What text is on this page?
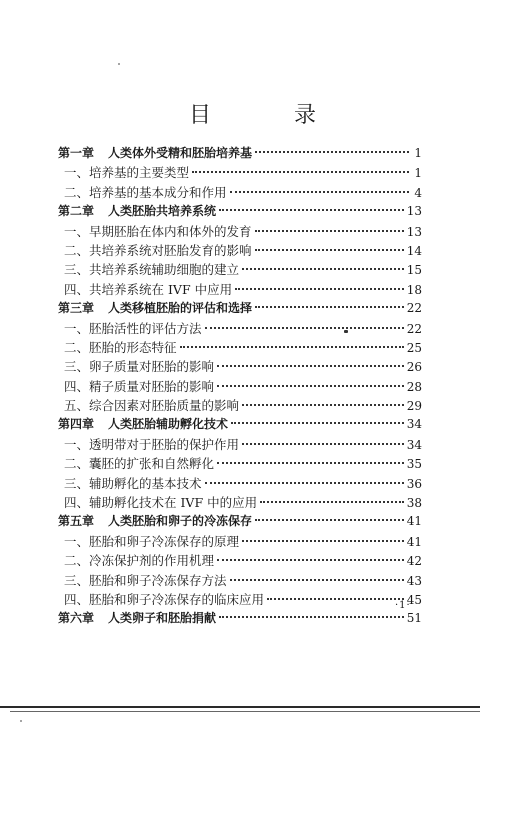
目 录
第一章 人类体外受精和胚胎培养基	1
一、培养基的主要类型	1
二、培养基的基本成分和作用	4
第二章 人类胚胎共培养系统	13
一、早期胚胎在体内和体外的发育	13
二、共培养系统对胚胎发育的影响	14
三、共培养系统辅助细胞的建立	15
四、共培养系统在 IVF 中应用	18
第三章 人类移植胚胎的评估和选择	22
一、胚胎活性的评估方法	22
二、胚胎的形态特征	25
三、卵子质量对胚胎的影响	26
四、精子质量对胚胎的影响	28
五、综合因素对胚胎质量的影响	29
第四章 人类胚胎辅助孵化技术	34
一、透明带对于胚胎的保护作用	34
二、囊胚的扩张和自然孵化	35
三、辅助孵化的基本技术	36
四、辅助孵化技术在 IVF 中的应用	38
第五章 人类胚胎和卵子的冷冻保存	41
一、胚胎和卵子冷冻保存的原理	41
二、冷冻保护剂的作用机理	42
三、胚胎和卵子冷冻保存方法	43
四、胚胎和卵子冷冻保存的临床应用	45
第六章 人类卵子和胚胎捐献	51
·1·
